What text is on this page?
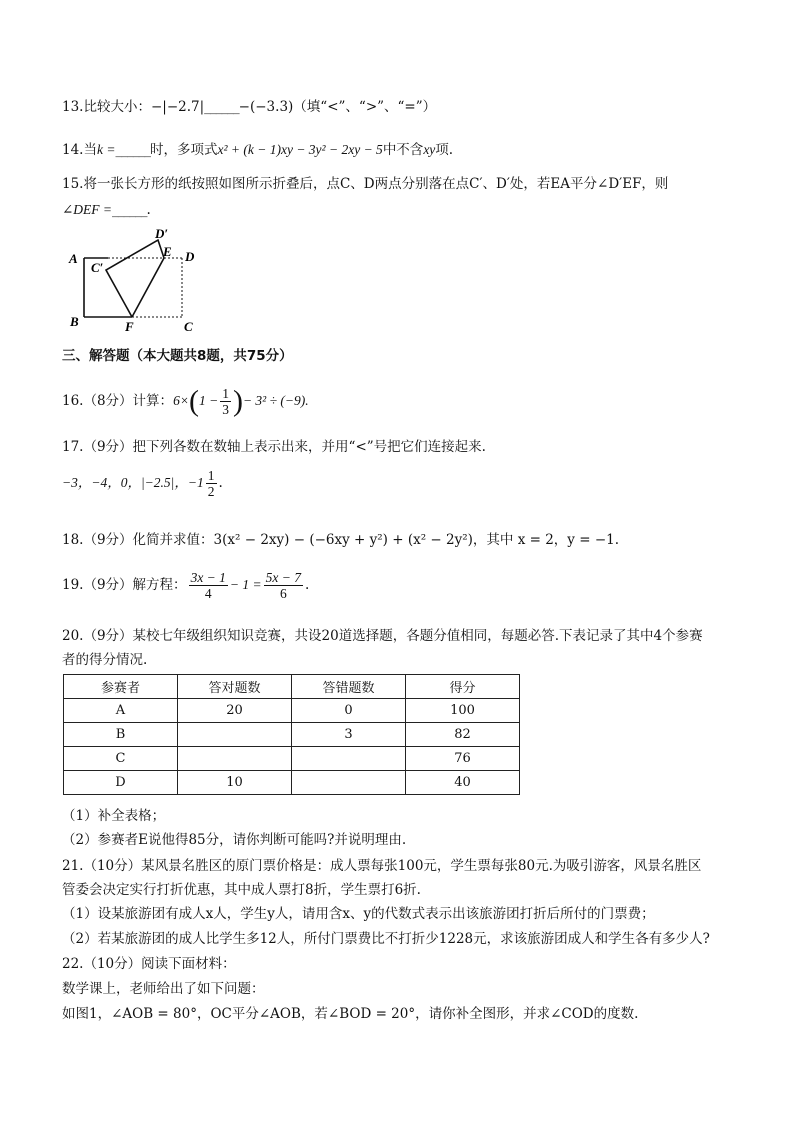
13.比较大小：−|−2.7|______−(−3.3)（填“<”、“>”、“=”）
14.当k =______时，多项式x² + (k − 1)xy − 3y² − 2xy − 5中不含xy项.
15.将一张长方形的纸按照如图所示折叠后，点C、D两点分别落在点C′、D′处，若EA平分∠D′EF，则
∠DEF =______.
A
B	F	C
D
E
D′
C′
三、解答题（本大题共8题，共75分）
16.（8分）计算：$6\times(1 - \frac{1}{3}$ )− 3² ÷ (−9).
17.（9分）把下列各数在数轴上表示出来，并用“<”号把它们连接起来.
−3，−4，0，|−2.5|，$-1 \frac{1}{2}$ .
18.（9分）化简并求值：3(x² − 2xy) − (−6xy + y²) + (x² − 2y²)，其中 x = 2，y = −1.
19.（9分）解方程： $\frac{3x - 1}{4} - 1 = \frac{5x - 7}{6}$ .
20.（9分）某校七年级组织知识竞赛，共设20道选择题，各题分值相同，每题必答.下表记录了其中4个参赛
者的得分情况.
参赛者	答对题数	答错题数	得分
A	20	0	100
B		3	82
C			76
D	10		40
（1）补全表格；
（2）参赛者E说他得85分，请你判断可能吗?并说明理由.
21.（10分）某风景名胜区的原门票价格是：成人票每张100元，学生票每张80元.为吸引游客，风景名胜区
管委会决定实行打折优惠，其中成人票打8折，学生票打6折.
（1）设某旅游团有成人x人，学生y人，请用含x、y的代数式表示出该旅游团打折后所付的门票费；
（2）若某旅游团的成人比学生多12人，所付门票费比不打折少1228元，求该旅游团成人和学生各有多少人?
22.（10分）阅读下面材料：
数学课上，老师给出了如下问题：
如图1，∠AOB = 80°，OC平分∠AOB，若∠BOD = 20°，请你补全图形，并求∠COD的度数.
